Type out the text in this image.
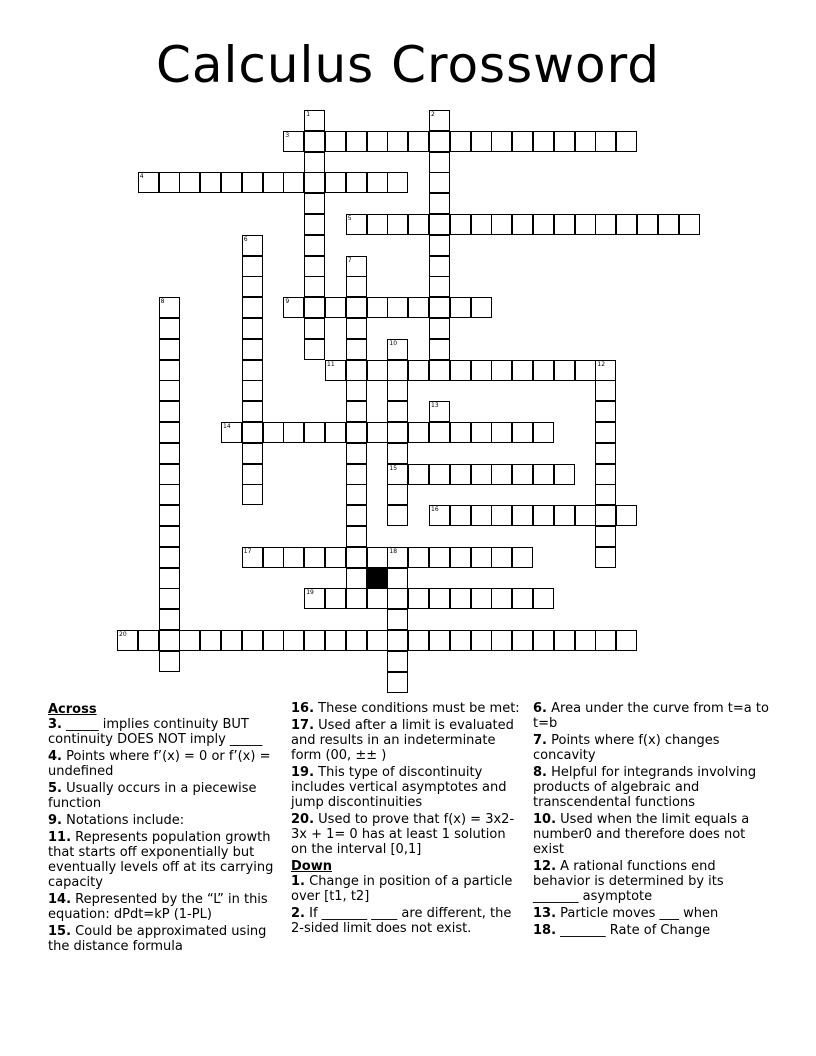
Calculus Crossword
1	2
3
4
5
6
7
8	9
10
15
11	12
13
14
16
17	18
19
20
Across
3. _____ implies continuity BUT continuity DOES NOT imply _____
4. Points where f’(x) = 0 or f’(x) = undefined
5. Usually occurs in a piecewise function
9. Notations include:
11. Represents population growth that starts off exponentially but eventually levels off at its carrying capacity
14. Represented by the “L” in this equation: dPdt=kP (1-PL)
15. Could be approximated using the distance formula
16. These conditions must be met:
17. Used after a limit is evaluated and results in an indeterminate form (00, ±± )
19. This type of discontinuity includes vertical asymptotes and jump discontinuities
20. Used to prove that f(x) = 3x2-3x + 1= 0 has at least 1 solution on the interval [0,1]
Down
1. Change in position of a particle over [t1, t2]
2. If _______ ____ are different, the 2-sided limit does not exist.
6. Area under the curve from t=a to t=b
7. Points where f(x) changes concavity
8. Helpful for integrands involving products of algebraic and transcendental functions
10. Used when the limit equals a number0 and therefore does not exist
12. A rational functions end behavior is determined by its _______ asymptote
13. Particle moves ___ when
18. _______ Rate of Change
